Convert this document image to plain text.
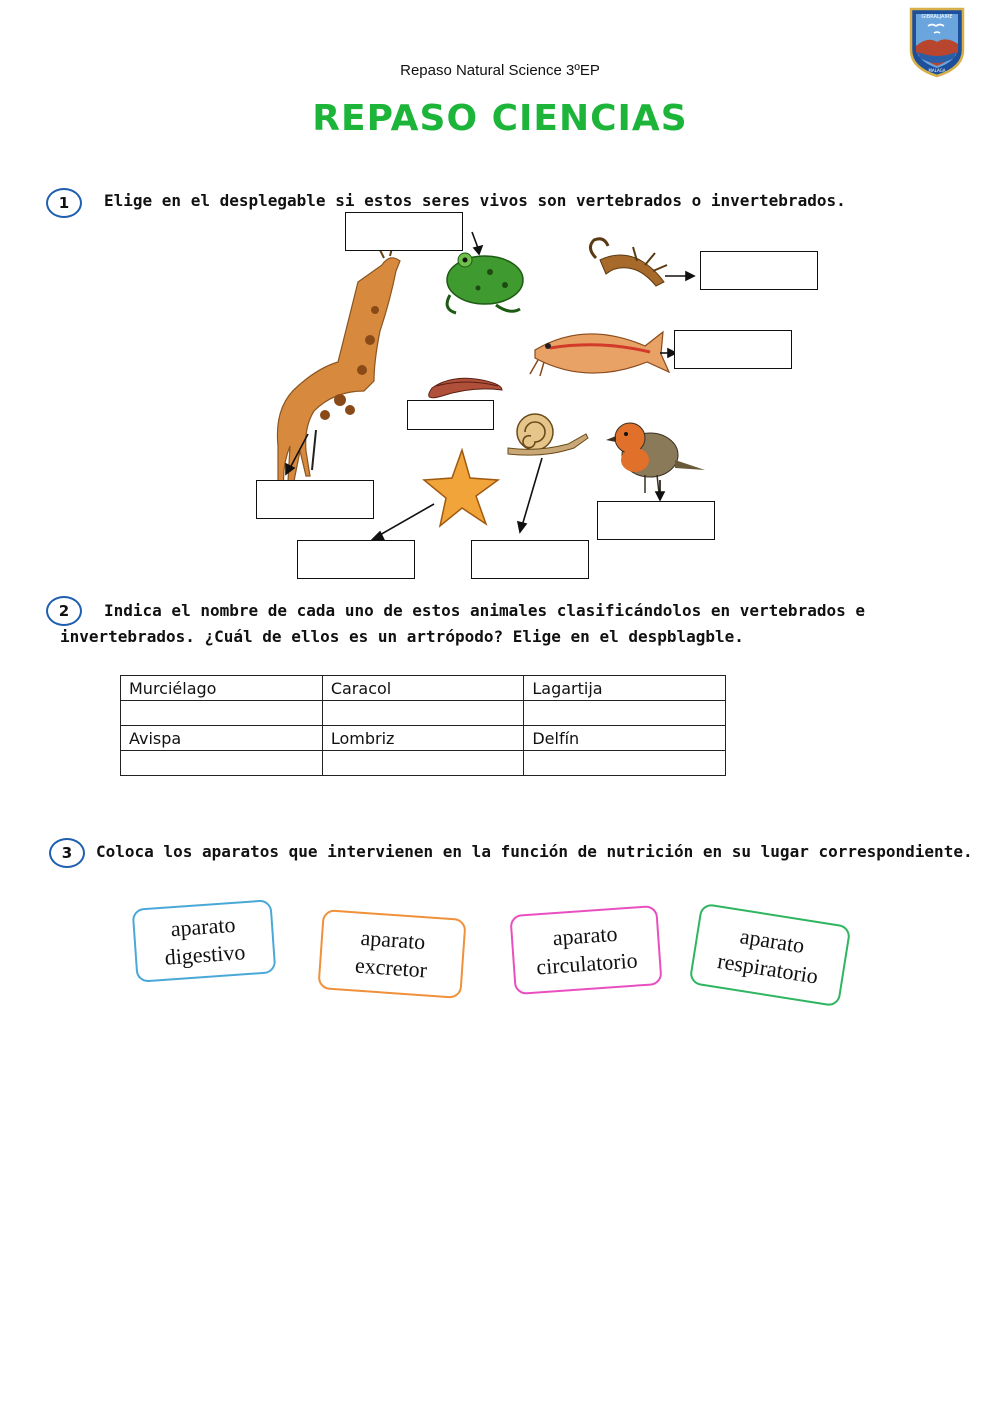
GIBRALJAIRE
MALAGA
Repaso Natural Science 3ºEP
REPASO CIENCIAS
1	Elige en el desplegable si estos seres vivos son vertebrados o invertebrados.
2	Indica el nombre de cada uno de estos animales clasificándolos en vertebrados e
invertebrados. ¿Cuál de ellos es un artrópodo? Elige en el despblagble.
Murciélago	Caracol	Lagartija

Avispa	Lombriz	Delfín

3	Coloca los aparatos que intervienen en la función de nutrición en su lugar correspondiente.
aparato
digestivo	aparato
excretor
aparato
circulatorio
aparato
respiratorio
